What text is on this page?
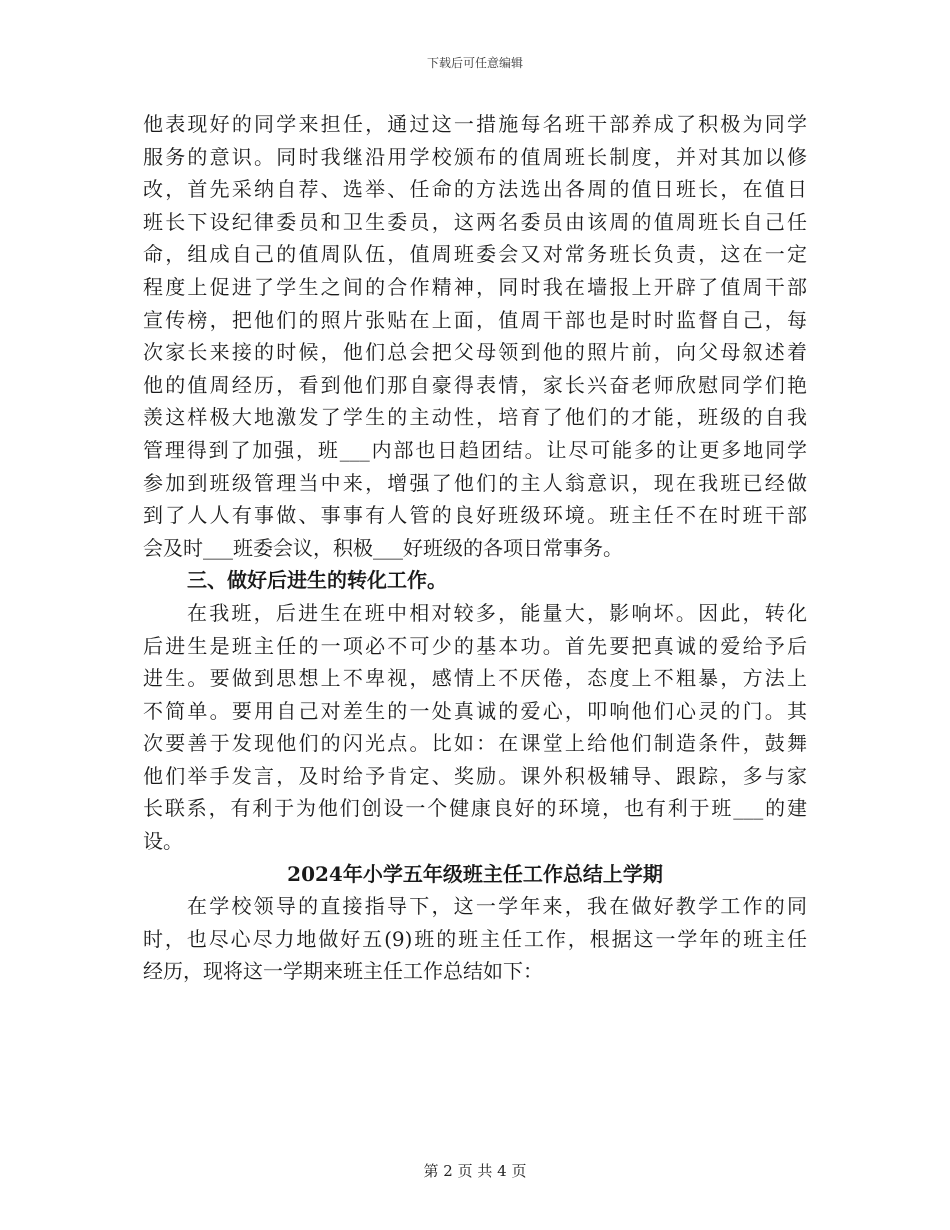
下载后可任意编辑
他表现好的同学来担任，通过这一措施每名班干部养成了积极为同学
服务的意识。同时我继沿用学校颁布的值周班长制度，并对其加以修
改，首先采纳自荐、选举、任命的方法选出各周的值日班长，在值日
班长下设纪律委员和卫生委员，这两名委员由该周的值周班长自己任
命，组成自己的值周队伍，值周班委会又对常务班长负责，这在一定
程度上促进了学生之间的合作精神，同时我在墙报上开辟了值周干部
宣传榜，把他们的照片张贴在上面，值周干部也是时时监督自己，每
次家长来接的时候，他们总会把父母领到他的照片前，向父母叙述着
他的值周经历，看到他们那自豪得表情，家长兴奋老师欣慰同学们艳
羡这样极大地激发了学生的主动性，培育了他们的才能，班级的自我
管理得到了加强，班___内部也日趋团结。让尽可能多的让更多地同学
参加到班级管理当中来，增强了他们的主人翁意识，现在我班已经做
到了人人有事做、事事有人管的良好班级环境。班主任不在时班干部
会及时___班委会议，积极___好班级的各项日常事务。
三、做好后进生的转化工作。
在我班，后进生在班中相对较多，能量大，影响坏。因此，转化
后进生是班主任的一项必不可少的基本功。首先要把真诚的爱给予后
进生。要做到思想上不卑视，感情上不厌倦，态度上不粗暴，方法上
不简单。要用自己对差生的一处真诚的爱心，叩响他们心灵的门。其
次要善于发现他们的闪光点。比如：在课堂上给他们制造条件，鼓舞
他们举手发言，及时给予肯定、奖励。课外积极辅导、跟踪，多与家
长联系，有利于为他们创设一个健康良好的环境，也有利于班___的建
设。
2024年小学五年级班主任工作总结上学期
在学校领导的直接指导下，这一学年来，我在做好教学工作的同
时，也尽心尽力地做好五(9)班的班主任工作，根据这一学年的班主任
经历，现将这一学期来班主任工作总结如下：
第 2 页 共 4 页
